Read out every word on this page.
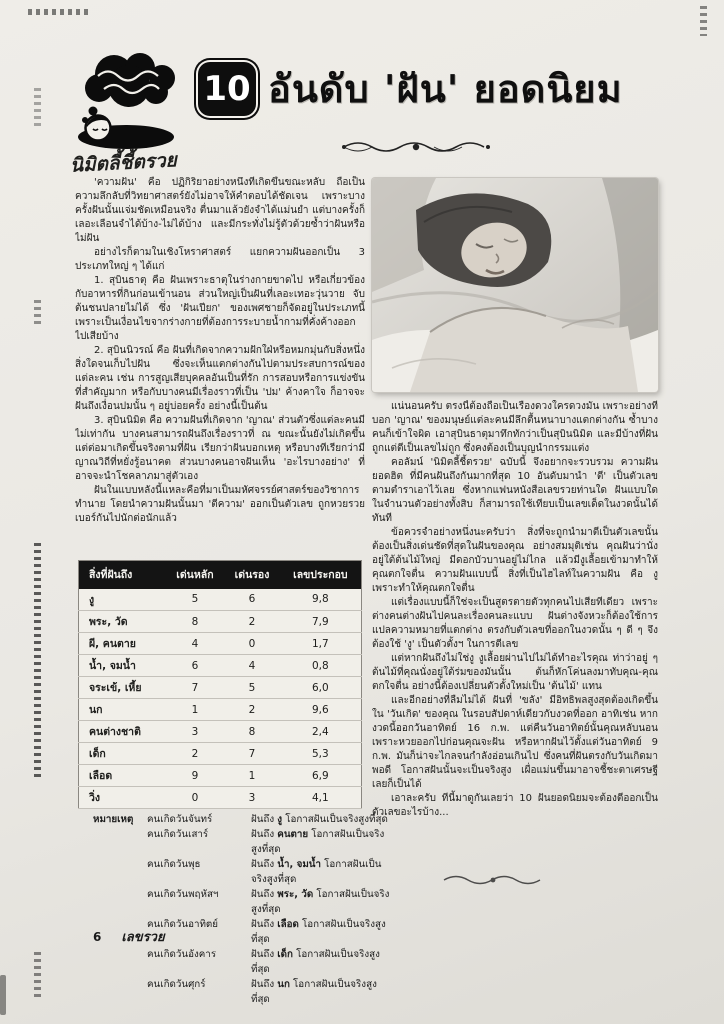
10 อันดับ 'ฝัน' ยอดนิยม
นิมิตลี้ชี้ตรวย

'ความฝัน' คือ ปฏิกิริยาอย่างหนึ่งที่เกิดขึ้นขณะหลับ ถือเป็นความลึกลับที่วิทยาศาสตร์ยังไม่อาจให้คำตอบได้ชัดเจน เพราะบางครั้งฝันนั้นแจ่มชัดเหมือนจริง ตื่นมาแล้วยังจำได้แม่นยำ แต่บางครั้งก็เลอะเลือนจำได้บ้าง-ไม่ได้บ้าง และมีกระทั่งไม่รู้ตัวด้วยซ้ำว่าฝันหรือไม่ฝัน

อย่างไรก็ตามในเชิงโหราศาสตร์ แยกความฝันออกเป็น 3 ประเภทใหญ่ ๆ ได้แก่

1. สุบินธาตุ คือ ฝันเพราะธาตุในร่างกายขาดไป หรือเกี่ยวข้องกับอาหารที่กินก่อนเข้านอน ส่วนใหญ่เป็นฝันที่เลอะเทอะวุ่นวาย จับต้นชนปลายไม่ได้ ซึ่ง 'ฝันเปียก' ของเพศชายก็จัดอยู่ในประเภทนี้ เพราะเป็นเงื่อนไขจากร่างกายที่ต้องการระบายน้ำกามที่คั่งค้างออกไปเสียบ้าง

2. สุบินนิวรณ์ คือ ฝันที่เกิดจากความฝักใฝ่หรือหมกมุ่นกับสิ่งหนึ่งสิ่งใดจนเก็บไปฝัน ซึ่งจะเห็นแตกต่างกันไปตามประสบการณ์ของแต่ละคน เช่น การสูญเสียบุคคลอันเป็นที่รัก การสอบหรือการแข่งขันที่สำคัญมาก หรือกับบางคนมีเรื่องราวที่เป็น 'ปม' ค้างคาใจ ก็อาจจะฝันถึงเงื่อนปมนั้น ๆ อยู่บ่อยครั้ง อย่างนี้เป็นต้น

3. สุบินนิมิต คือ ความฝันที่เกิดจาก 'ญาณ' ส่วนตัวซึ่งแต่ละคนมีไม่เท่ากัน บางคนสามารถฝันถึงเรื่องราวที่ ณ ขณะนั้นยังไม่เกิดขึ้น แต่ต่อมาเกิดขึ้นจริงตามที่ฝัน เรียกว่าฝันบอกเหตุ หรือบางทีเรียกว่ามีญาณวิถีที่หยั่งรู้อนาคต ส่วนบางคนอาจฝันเห็น 'อะไรบางอย่าง' ที่อาจจะนำโชคลาภมาสู่ตัวเอง

ฝันในแบบหลังนี้แหละคือที่มาเป็นมหัศจรรย์ศาสตร์ของวิชาการทำนาย โดยนำความฝันนั้นมา 'ตีความ' ออกเป็นตัวเลข ถูกหวยรวยเบอร์กันไปนักต่อนักแล้ว

แน่นอนครับ ตรงนี้ต้องถือเป็นเรื่องดวงใครดวงมัน เพราะอย่างที่บอก 'ญาณ' ของมนุษย์แต่ละคนมีลึกตื้นหนาบางแตกต่างกัน ซ้ำบางคนก็เข้าใจผิด เอาสุบินธาตุมาทึกทักว่าเป็นสุบินนิมิต และมีบ้างที่ฝันถูกแต่ตีเป็นเลขไม่ถูก ซึ่งคงต้องเป็นบุญนำกรรมแต่ง

คอลัมน์ 'นิมิตลี้ชี้ตรวย' ฉบับนี้ จึงอยากจะรวบรวม ความฝันยอดฮิต ที่มีคนฝันถึงกันมากที่สุด 10 อันดับมานำ 'ตี' เป็นตัวเลขตามตำราเอาไว้เลย ซึ่งหากแฟนหนังสือเลขรวยท่านใด ฝันแบบใดในจำนวนตัวอย่างทั้งสิบ ก็สามารถใช้เทียบเป็นเลขเด็ดในงวดนั้นได้ทันที

ข้อควรจำอย่างหนึ่งนะครับว่า สิ่งที่จะถูกนำมาตีเป็นตัวเลขนั้นต้องเป็นสิ่งเด่นชัดที่สุดในฝันของคุณ อย่างสมมุติเช่น คุณฝันว่านั่งอยู่ใต้ต้นไม้ใหญ่ มีดอกบัวบานอยู่ไม่ไกล แล้วมีงูเลื้อยเข้ามาทำให้คุณตกใจตื่น ความฝันแบบนี้ สิ่งที่เป็นไฮไลท์ในความฝัน คือ งู เพราะทำให้คุณตกใจตื่น

แต่เรื่องแบบนี้ก็ใช่จะเป็นสูตรตายตัวทุกคนไปเสียทีเดียว เพราะต่างคนต่างฝันไปคนละเรื่องคนละแบบ ฝันต่างจังหวะก็ต้องใช้การแปลความหมายที่แตกต่าง ตรงกับตัวเลขที่ออกในงวดนั้น ๆ ดี ๆ จึงต้องใช้ 'งู' เป็นตัวตั้งฯ ในการตีเลข

แต่หากฝันถึงไม่ใช่งู งูเลื้อยผ่านไปไม่ได้ทำอะไรคุณ ท่าว่าอยู่ ๆ ต้นไม้ที่คุณนั่งอยู่ใต้ร่มของมันนั้น ต้นก็หักโค่นลงมาทับคุณ-คุณตกใจตื่น อย่างนี้ต้องเปลี่ยนตัวตั้งใหม่เป็น 'ต้นไม้' แทน

และอีกอย่างที่ลืมไม่ได้ ฝันที่ 'ขลัง' มีอิทธิพลสูงสุดต้องเกิดขึ้นใน 'วันเกิด' ของคุณ ในรอบสัปดาห์เดียวกับงวดที่ออก อาทิเช่น หากงวดนี้ออกวันอาทิตย์ 16 ก.พ. แต่คืนวันอาทิตย์นั้นคุณหลับนอน เพราะหวยออกไปก่อนคุณจะฝัน หรือหากฝันไว้ตั้งแต่วันอาทิตย์ 9 ก.พ. มันก็น่าจะไกลจนกำลังอ่อนเกินไป ซึ่งคนที่ฝันตรงกับวันเกิดมาพอดี โอกาสฝันนั้นจะเป็นจริงสูง เผื่อแม่นขึ้นมาอาจชี้ชะตาเศรษฐีเลยก็เป็นได้

เอาละครับ ทีนี้มาดูกันเลยว่า 10 ฝันยอดนิยมจะต้องตีออกเป็นตัวเลขอะไรบ้าง...

สิ่งที่ฝันถึง	เด่นหลัก	เด่นรอง	เลขประกอบ
งู	5	6	9,8
พระ, วัด	8	2	7,9
ผี, คนตาย	4	0	1,7
น้ำ, จมน้ำ	6	4	0,8
จระเข้, เหี้ย	7	5	6,0
นก	1	2	9,6
คนต่างชาติ	3	8	2,4
เด็ก	2	7	5,3
เลือด	9	1	6,9
วิ่ง	0	3	4,1
หมายเหตุ	คนเกิดวันจันทร์	ฝันถึง งู โอกาสฝันเป็นจริงสูงที่สุด
คนเกิดวันเสาร์	ฝันถึง คนตาย โอกาสฝันเป็นจริงสูงที่สุด
คนเกิดวันพุธ	ฝันถึง น้ำ, จมน้ำ โอกาสฝันเป็นจริงสูงที่สุด
คนเกิดวันพฤหัสฯ	ฝันถึง พระ, วัด โอกาสฝันเป็นจริงสูงที่สุด
คนเกิดวันอาทิตย์	ฝันถึง เลือด โอกาสฝันเป็นจริงสูงที่สุด
คนเกิดวันอังคาร	ฝันถึง เด็ก โอกาสฝันเป็นจริงสูงที่สุด
คนเกิดวันศุกร์	ฝันถึง นก โอกาสฝันเป็นจริงสูงที่สุด
6 เลขรวย
